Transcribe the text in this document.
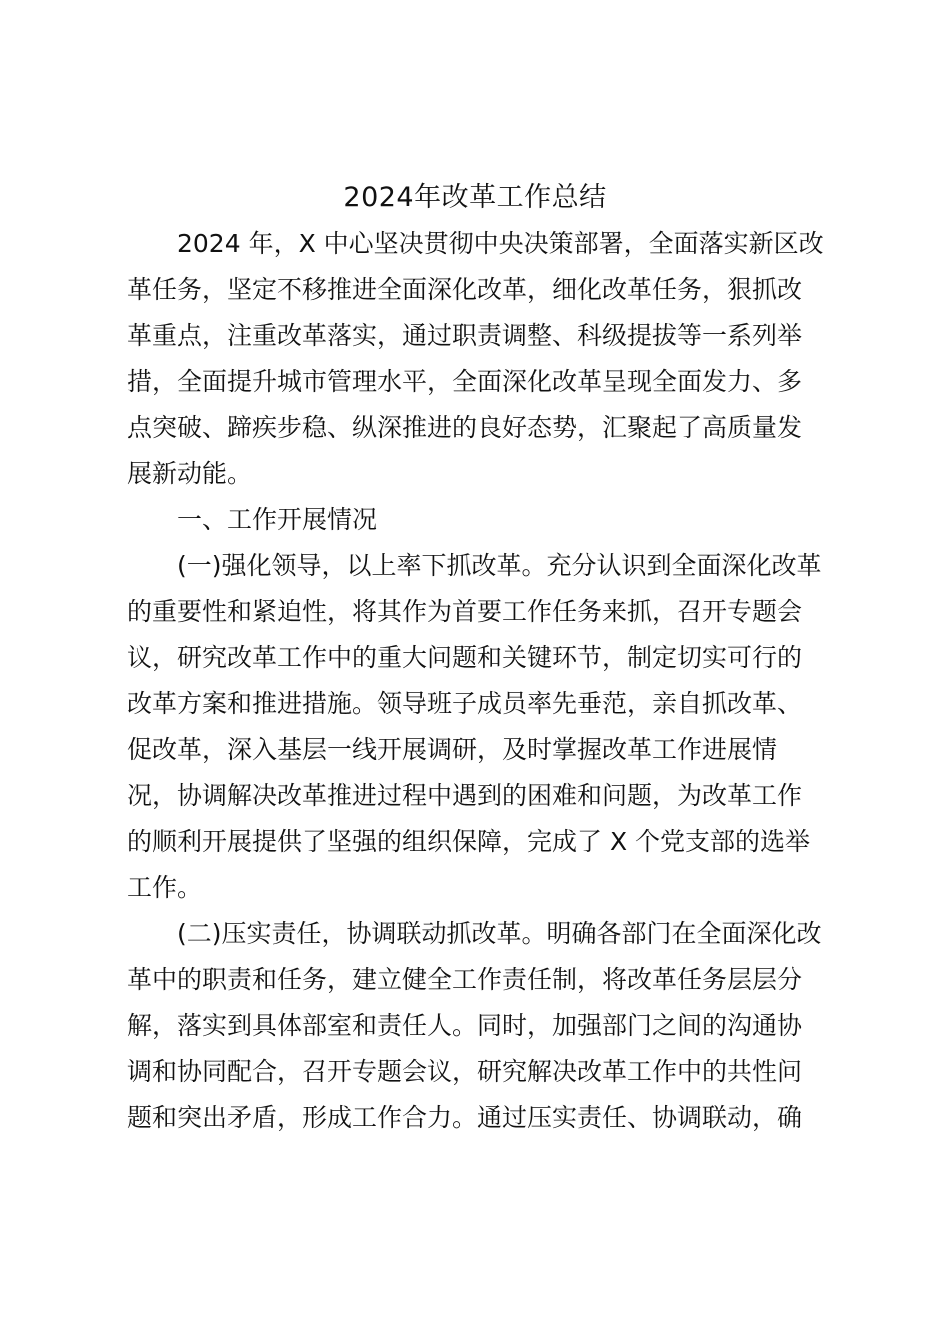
2024年改革工作总结
2024 年，X 中心坚决贯彻中央决策部署，全面落实新区改
革任务，坚定不移推进全面深化改革，细化改革任务，狠抓改
革重点，注重改革落实，通过职责调整、科级提拔等一系列举
措，全面提升城市管理水平，全面深化改革呈现全面发力、多
点突破、蹄疾步稳、纵深推进的良好态势，汇聚起了高质量发
展新动能。
一、工作开展情况
(一)强化领导，以上率下抓改革。充分认识到全面深化改革
的重要性和紧迫性，将其作为首要工作任务来抓，召开专题会
议，研究改革工作中的重大问题和关键环节，制定切实可行的
改革方案和推进措施。领导班子成员率先垂范，亲自抓改革、
促改革，深入基层一线开展调研，及时掌握改革工作进展情
况，协调解决改革推进过程中遇到的困难和问题，为改革工作
的顺利开展提供了坚强的组织保障，完成了 X 个党支部的选举
工作。
(二)压实责任，协调联动抓改革。明确各部门在全面深化改
革中的职责和任务，建立健全工作责任制，将改革任务层层分
解，落实到具体部室和责任人。同时，加强部门之间的沟通协
调和协同配合，召开专题会议，研究解决改革工作中的共性问
题和突出矛盾，形成工作合力。通过压实责任、协调联动，确
